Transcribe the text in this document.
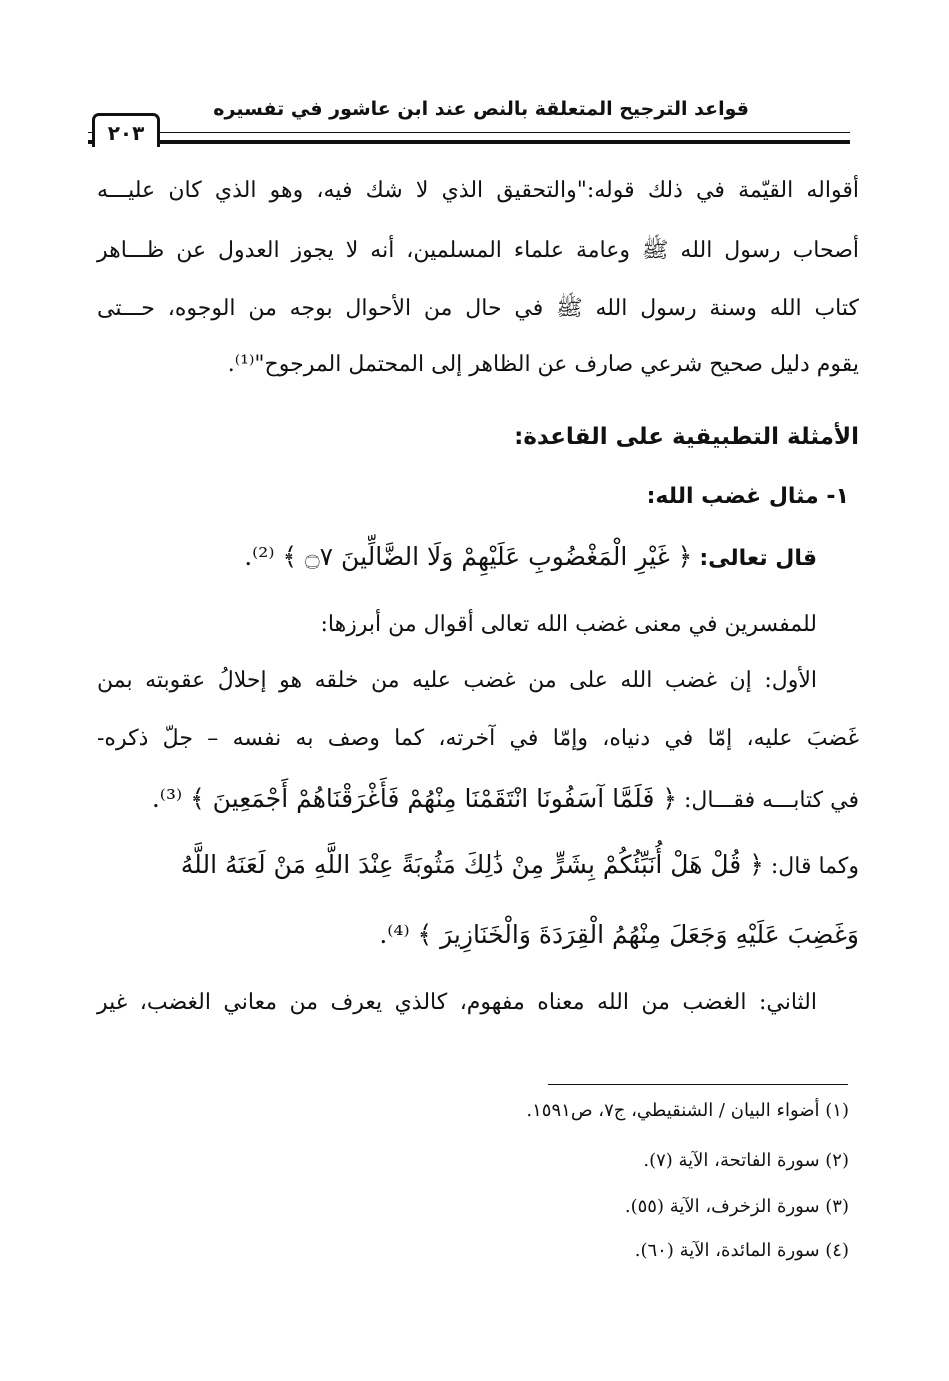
قواعد الترجيح المتعلقة بالنص عند ابن عاشور في تفسيره
٢٠٣
أقواله القيّمة في ذلك قوله:"والتحقيق الذي لا شك فيه، وهو الذي كان عليـــه
أصحاب رسول الله ﷺ وعامة علماء المسلمين، أنه لا يجوز العدول عن ظـــاهر
كتاب الله وسنة رسول الله ﷺ في حال من الأحوال بوجه من الوجوه، حـــتى
يقوم دليل صحيح شرعي صارف عن الظاهر إلى المحتمل المرجوح"⁽¹⁾.
الأمثلة التطبيقية على القاعدة:
١- مثال غضب الله:
قال تعالى: ﴿ غَيْرِ الْمَغْضُوبِ عَلَيْهِمْ وَلَا الضَّالِّينَ ۝٧ ﴾ ⁽²⁾.
للمفسرين في معنى غضب الله تعالى أقوال من أبرزها:
الأول: إن غضب الله على من غضب عليه من خلقه هو إحلالُ عقوبته بمن
غَضبَ عليه، إمّا في دنياه، وإمّا في آخرته، كما وصف به نفسه – جلّ ذكره-
في كتابـــه فقـــال: ﴿ فَلَمَّا آسَفُونَا انْتَقَمْنَا مِنْهُمْ فَأَغْرَقْنَاهُمْ أَجْمَعِينَ ﴾ ⁽³⁾.
وكما قال: ﴿ قُلْ هَلْ أُنَبِّئُكُمْ بِشَرٍّ مِنْ ذَٰلِكَ مَثُوبَةً عِنْدَ اللَّهِ مَنْ لَعَنَهُ اللَّهُ
وَغَضِبَ عَلَيْهِ وَجَعَلَ مِنْهُمُ الْقِرَدَةَ وَالْخَنَازِيرَ ﴾ ⁽⁴⁾.
الثاني: الغضب من الله معناه مفهوم، كالذي يعرف من معاني الغضب، غير
(١) أضواء البيان / الشنقيطي، ج٧، ص١٥٩١.
(٢) سورة الفاتحة، الآية (٧).
(٣) سورة الزخرف، الآية (٥٥).
(٤) سورة المائدة، الآية (٦٠).
